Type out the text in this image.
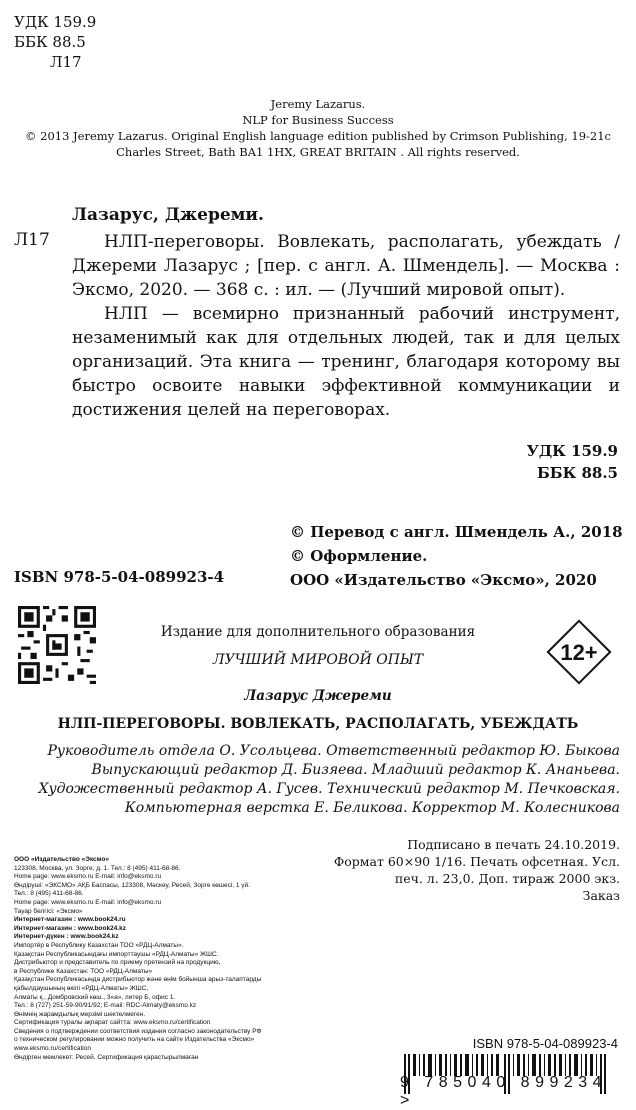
УДК 159.9
ББК 88.5
Л17
Jeremy Lazarus.
NLP for Business Success
© 2013 Jeremy Lazarus. Original English language edition published by Crimson Publishing, 19-21c
Charles Street, Bath BA1 1HX, GREAT BRITAIN . All rights reserved.
Лазарус, Джереми.
Л17	НЛП-переговоры. Вовлекать, располагать, убеждать / Джереми Лазарус ; [пер. с англ. А. Шмендель]. — Москва : Эксмо, 2020. — 368 с. : ил. — (Лучший мировой опыт).

НЛП — всемирно признанный рабочий инструмент, незаменимый как для отдельных людей, так и для целых организаций. Эта книга — тренинг, благодаря которому вы быстро освоите навыки эффективной коммуникации и достижения целей на переговорах.

УДК 159.9
ББК 88.5
© Перевод с англ. Шмендель А., 2018
© Оформление.
ООО «Издательство «Эксмо», 2020
ISBN 978-5-04-089923-4
Издание для дополнительного образования
ЛУЧШИЙ МИРОВОЙ ОПЫТ	12+
Лазарус Джереми
НЛП-ПЕРЕГОВОРЫ. ВОВЛЕКАТЬ, РАСПОЛАГАТЬ, УБЕЖДАТЬ
Руководитель отдела О. Усольцева. Ответственный редактор Ю. Быкова
Выпускающий редактор Д. Бизяева. Младший редактор К. Ананьева.
Художественный редактор А. Гусев. Технический редактор М. Печковская.
Компьютерная верстка Е. Беликова. Корректор М. Колесникова
Подписано в печать 24.10.2019.
Формат 60×90 1/16. Печать офсетная. Усл.
печ. л. 23,0. Доп. тираж 2000 экз.
Заказ
ООО «Издательство «Эксмо»
123308, Москва, ул. Зорге, д. 1. Тел.: 8 (495) 411-68-86.
Home page: www.eksmo.ru E-mail: info@eksmo.ru
Өндіруші: «ЭКСМО» АҚБ Баспасы, 123308, Мәскеу, Ресей, Зорге көшесі, 1 үй.
Тел.: 8 (495) 411-68-86.
Home page: www.eksmo.ru E-mail: info@eksmo.ru
Тауар белгісі: «Эксмо»
Интернет-магазин : www.book24.ru
Интернет-магазин : www.book24.kz
Интернет-дүкен : www.book24.kz
Импортёр в Республику Казахстан ТОО «РДЦ-Алматы».
Қазақстан Республикасындағы импорттаушы «РДЦ-Алматы» ЖШС.
Дистрибьютор и представитель по приему претензий на продукцию,
в Республике Казахстан: ТОО «РДЦ-Алматы»
Қазақстан Республикасында дистрибьютор және өнім бойынша арыз-талаптарды
қабылдаушының өкілі «РДЦ-Алматы» ЖШС,
Алматы қ., Домбровский көш., 3«а», литер Б, офис 1.
Тел.: 8 (727) 251-59-90/91/92; E-mail: RDC-Almaty@eksmo.kz
Өнімнің жарамдылық мерзімі шектелмеген.
Сертификация туралы ақпарат сайтта: www.eksmo.ru/certification
Сведения о подтверждении соответствия издания согласно законодательству РФ
о техническом регулировании можно получить на сайте Издательства «Эксмо»
www.eksmo.ru/certification
Өндірген мемлекет: Ресей. Сертификация қарастырылмаған
ISBN 978-5-04-089923-4
9 785040 899234 >
